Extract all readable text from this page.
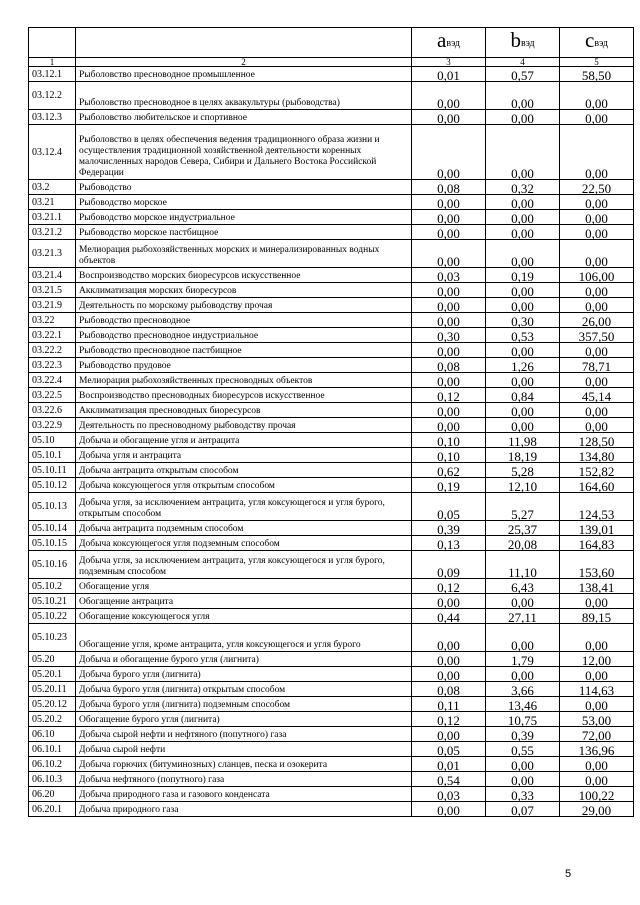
		$a_{вэд}$	$b_{вэд}$	$c_{вэд}$
1	2	3	4	5
03.12.1	Рыболовство пресноводное промышленное	0,01	0,57	58,50
03.12.2	Рыболовство пресноводное в целях аквакультуры (рыбоводства)	0,00	0,00	0,00
03.12.3	Рыболовство любительское и спортивное	0,00	0,00	0,00
03.12.4	Рыболовство в целях обеспечения ведения традиционного образа жизни и осуществления традиционной хозяйственной деятельности коренных малочисленных народов Севера, Сибири и Дальнего Востока Российской Федерации	0,00	0,00	0,00
03.2	Рыбоводство	0,08	0,32	22,50
03.21	Рыбоводство морское	0,00	0,00	0,00
03.21.1	Рыбоводство морское индустриальное	0,00	0,00	0,00
03.21.2	Рыбоводство морское пастбищное	0,00	0,00	0,00
03.21.3	Мелиорация рыбохозяйственных морских и минерализированных водных объектов	0,00	0,00	0,00
03.21.4	Воспроизводство морских биоресурсов искусственное	0,03	0,19	106,00
03.21.5	Акклиматизация морских биоресурсов	0,00	0,00	0,00
03.21.9	Деятельность по морскому рыбоводству прочая	0,00	0,00	0,00
03.22	Рыбоводство пресноводное	0,00	0,30	26,00
03.22.1	Рыбоводство пресноводное индустриальное	0,30	0,53	357,50
03.22.2	Рыбоводство пресноводное пастбищное	0,00	0,00	0,00
03.22.3	Рыбоводство прудовое	0,08	1,26	78,71
03.22.4	Мелиорация рыбохозяйственных пресноводных объектов	0,00	0,00	0,00
03.22.5	Воспроизводство пресноводных биоресурсов искусственное	0,12	0,84	45,14
03.22.6	Акклиматизация пресноводных биоресурсов	0,00	0,00	0,00
03.22.9	Деятельность по пресноводному рыбоводству прочая	0,00	0,00	0,00
05.10	Добыча и обогащение угля и антрацита	0,10	11,98	128,50
05.10.1	Добыча угля и антрацита	0,10	18,19	134,80
05.10.11	Добыча антрацита открытым способом	0,62	5,28	152,82
05.10.12	Добыча коксующегося угля открытым способом	0,19	12,10	164,60
05.10.13	Добыча угля, за исключением антрацита, угля коксующегося и угля бурого, открытым способом	0,05	5,27	124,53
05.10.14	Добыча антрацита подземным способом	0,39	25,37	139,01
05.10.15	Добыча коксующегося угля подземным способом	0,13	20,08	164,83
05.10.16	Добыча угля, за исключением антрацита, угля коксующегося и угля бурого, подземным способом	0,09	11,10	153,60
05.10.2	Обогащение угля	0,12	6,43	138,41
05.10.21	Обогащение антрацита	0,00	0,00	0,00
05.10.22	Обогащение коксующегося угля	0,44	27,11	89,15
05.10.23	Обогащение угля, кроме антрацита, угля коксующегося и угля бурого	0,00	0,00	0,00
05.20	Добыча и обогащение бурого угля (лигнита)	0,00	1,79	12,00
05.20.1	Добыча бурого угля (лигнита)	0,00	0,00	0,00
05.20.11	Добыча бурого угля (лигнита) открытым способом	0,08	3,66	114,63
05.20.12	Добыча бурого угля (лигнита) подземным способом	0,11	13,46	0,00
05.20.2	Обогащение бурого угля (лигнита)	0,12	10,75	53,00
06.10	Добыча сырой нефти и нефтяного (попутного) газа	0,00	0,39	72,00
06.10.1	Добыча сырой нефти	0,05	0,55	136,96
06.10.2	Добыча горючих (битуминозных) сланцев, песка и озокерита	0,01	0,00	0,00
06.10.3	Добыча нефтяного (попутного) газа	0,54	0,00	0,00
06.20	Добыча природного газа и газового конденсата	0,03	0,33	100,22
06.20.1	Добыча природного газа	0,00	0,07	29,00
5
